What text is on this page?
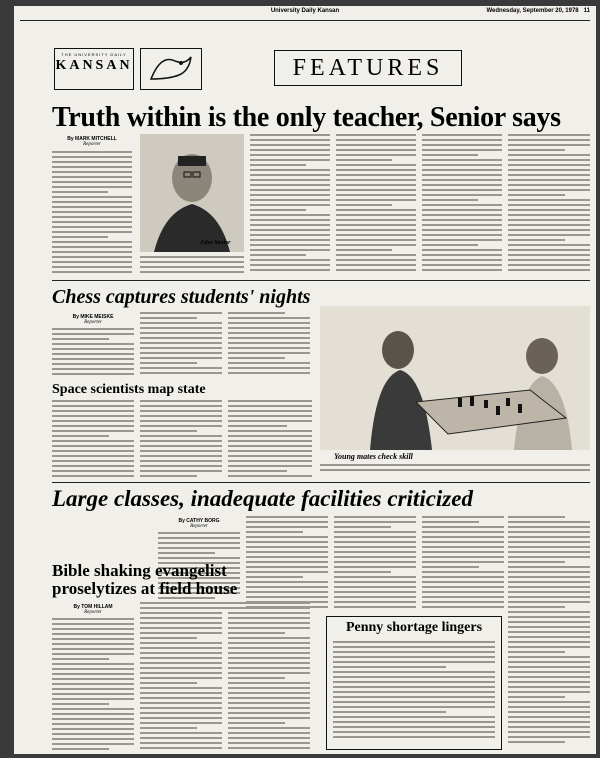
University Daily Kansan	Wednesday, September 20, 1978 11
THE UNIVERSITY DAILY
KANSAN	FEATURES
Truth within is the only teacher, Senior says
By MARK MITCHELL
Reporter
John Senior
Chess captures students' nights
By MIKE MEISKE
Reporter
Young mates check skill
Space scientists map state
Large classes, inadequate facilities criticized
By CATHY BORG
Reporter
Bible shaking evangelist proselytizes at field house
By TOM HILLAM
Reporter
Penny shortage lingers
